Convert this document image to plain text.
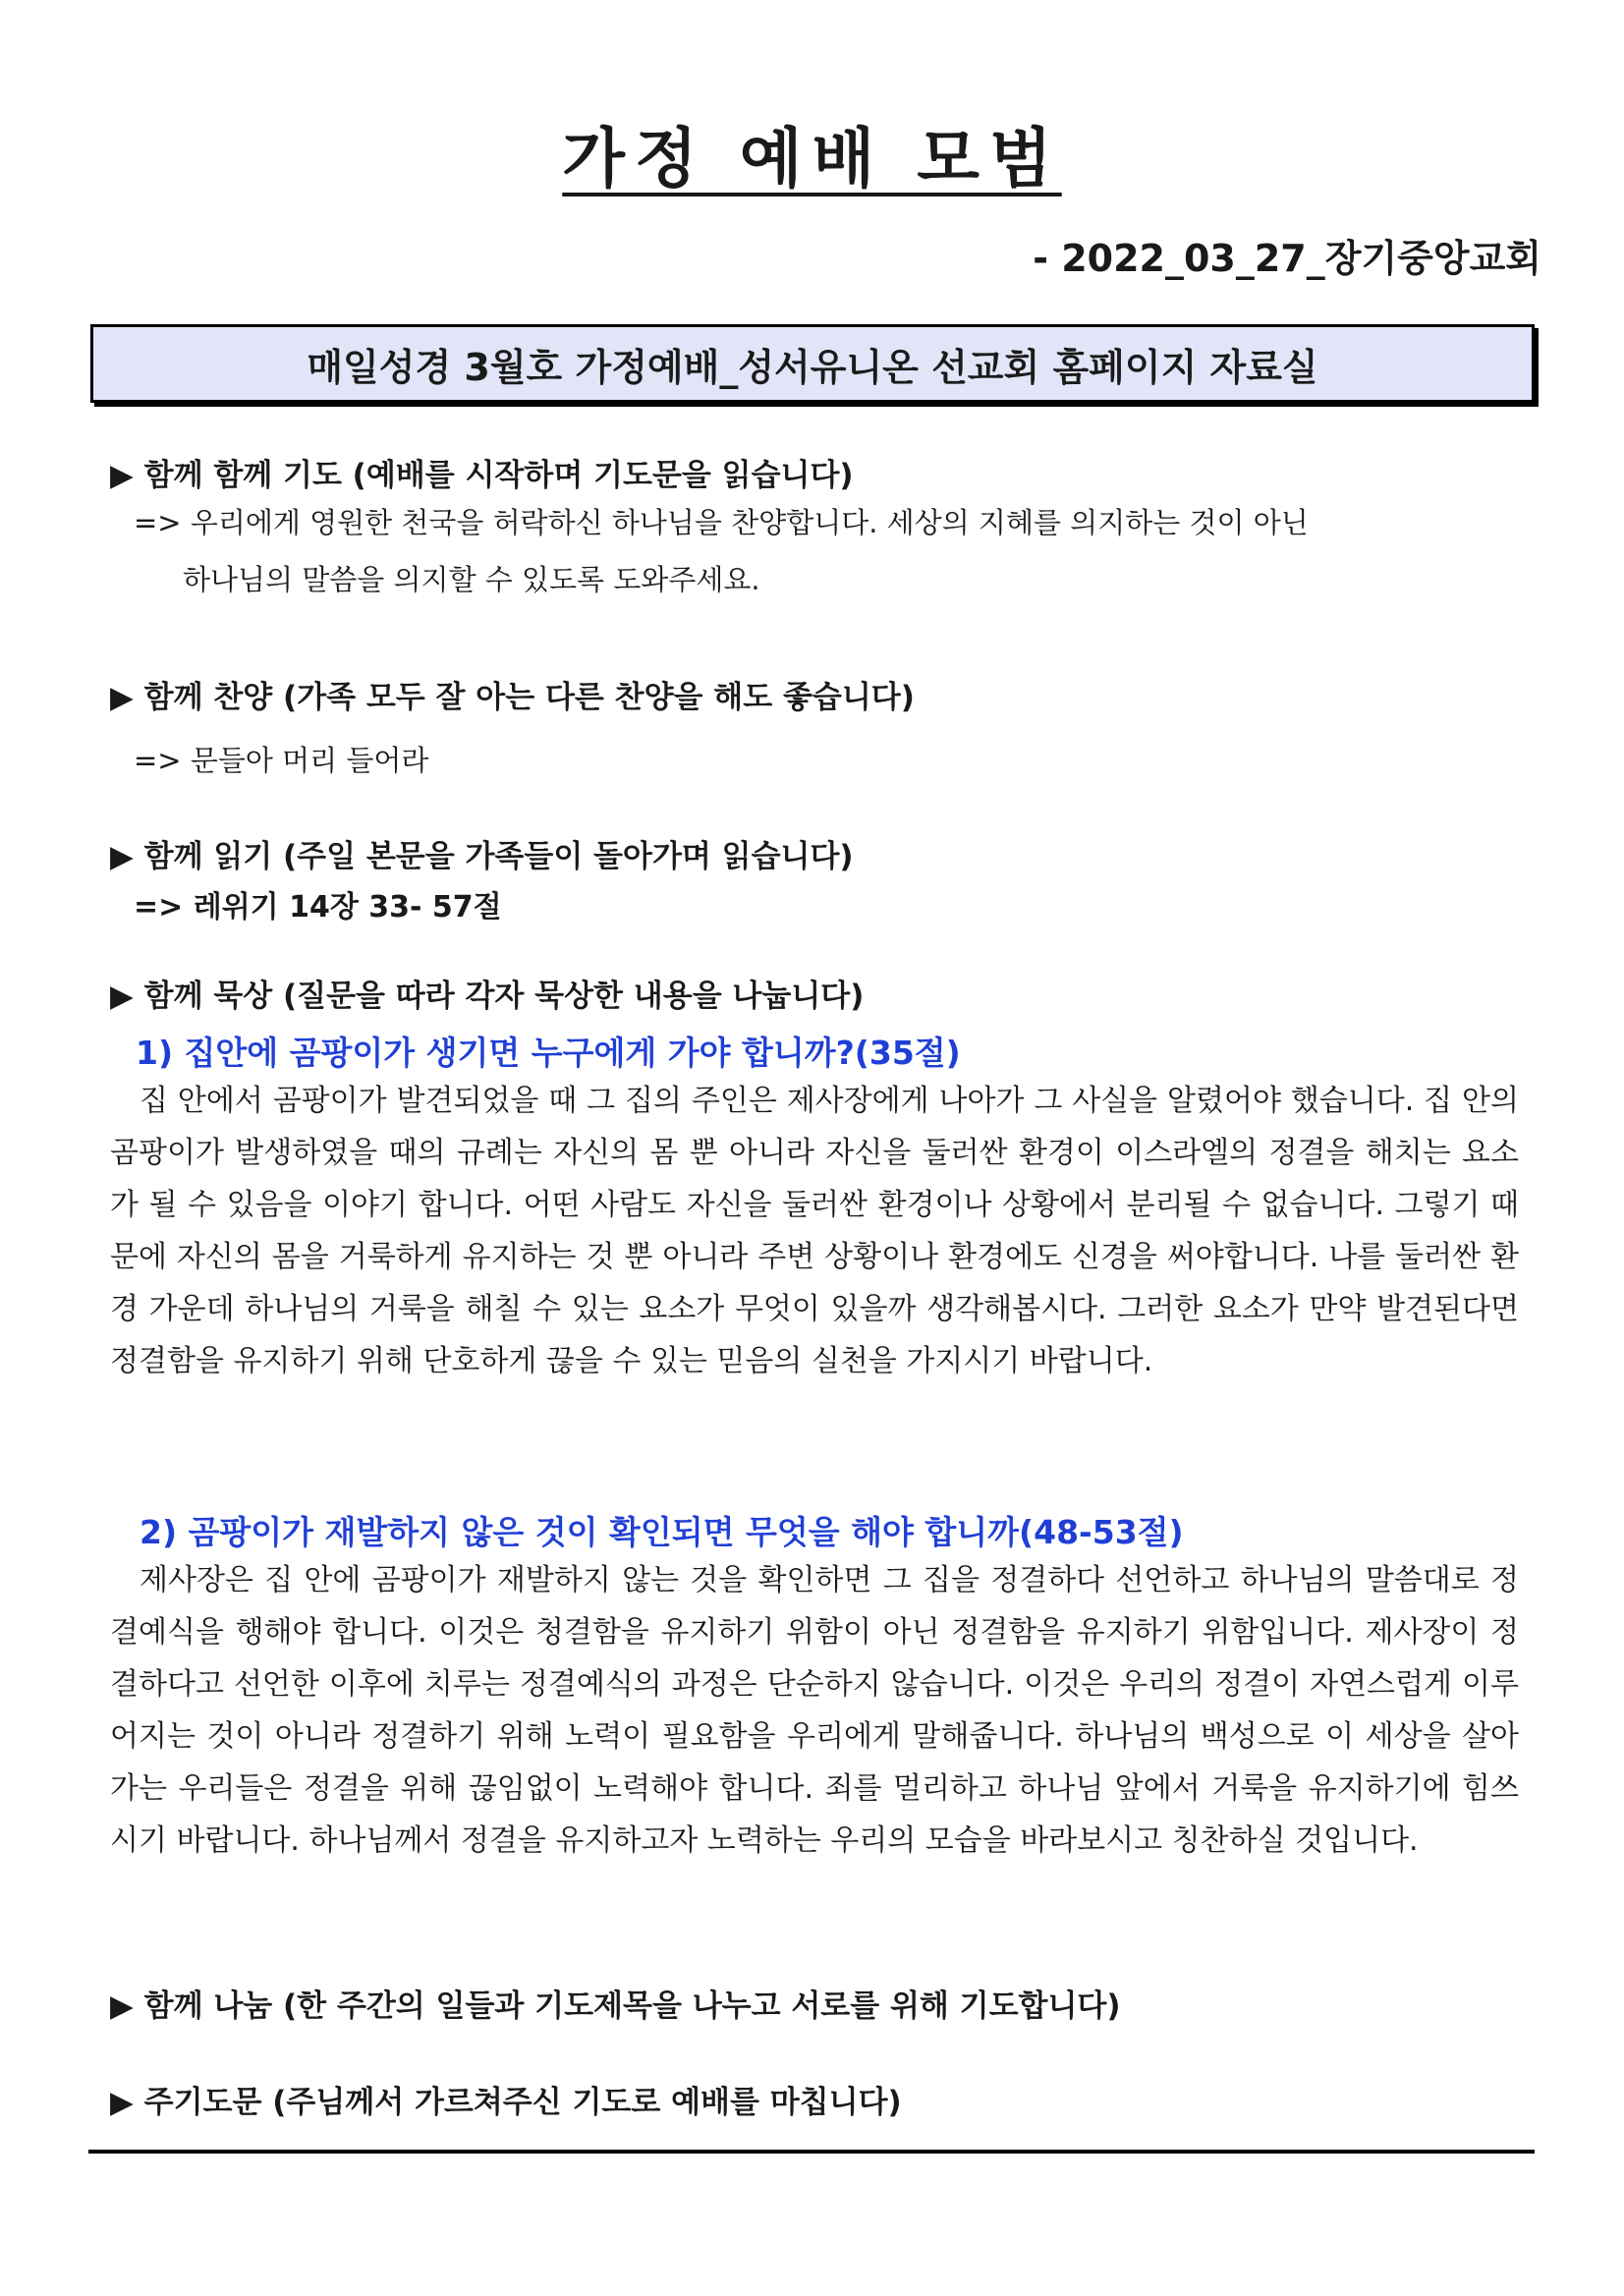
가정 예배 모범
- 2022_03_27_장기중앙교회
매일성경 3월호 가정예배_성서유니온 선교회 홈페이지 자료실
▶ 함께 함께 기도 (예배를 시작하며 기도문을 읽습니다)
=> 우리에게 영원한 천국을 허락하신 하나님을 찬양합니다. 세상의 지혜를 의지하는 것이 아닌
하나님의 말씀을 의지할 수 있도록 도와주세요.
▶ 함께 찬양 (가족 모두 잘 아는 다른 찬양을 해도 좋습니다)
=> 문들아 머리 들어라
▶ 함께 읽기 (주일 본문을 가족들이 돌아가며 읽습니다)
=> 레위기 14장 33- 57절
▶ 함께 묵상 (질문을 따라 각자 묵상한 내용을 나눕니다)
1) 집안에 곰팡이가 생기면 누구에게 가야 합니까?(35절)
집 안에서 곰팡이가 발견되었을 때 그 집의 주인은 제사장에게 나아가 그 사실을 알렸어야 했습니다. 집 안의 곰팡이가 발생하였을 때의 규례는 자신의 몸 뿐 아니라 자신을 둘러싼 환경이 이스라엘의 정결을 해치는 요소가 될 수 있음을 이야기 합니다. 어떤 사람도 자신을 둘러싼 환경이나 상황에서 분리될 수 없습니다. 그렇기 때문에 자신의 몸을 거룩하게 유지하는 것 뿐 아니라 주변 상황이나 환경에도 신경을 써야합니다. 나를 둘러싼 환경 가운데 하나님의 거룩을 해칠 수 있는 요소가 무엇이 있을까 생각해봅시다. 그러한 요소가 만약 발견된다면 정결함을 유지하기 위해 단호하게 끊을 수 있는 믿음의 실천을 가지시기 바랍니다.
2) 곰팡이가 재발하지 않은 것이 확인되면 무엇을 해야 합니까(48-53절)
제사장은 집 안에 곰팡이가 재발하지 않는 것을 확인하면 그 집을 정결하다 선언하고 하나님의 말씀대로 정결예식을 행해야 합니다. 이것은 청결함을 유지하기 위함이 아닌 정결함을 유지하기 위함입니다. 제사장이 정결하다고 선언한 이후에 치루는 정결예식의 과정은 단순하지 않습니다. 이것은 우리의 정결이 자연스럽게 이루어지는 것이 아니라 정결하기 위해 노력이 필요함을 우리에게 말해줍니다. 하나님의 백성으로 이 세상을 살아가는 우리들은 정결을 위해 끊임없이 노력해야 합니다. 죄를 멀리하고 하나님 앞에서 거룩을 유지하기에 힘쓰시기 바랍니다. 하나님께서 정결을 유지하고자 노력하는 우리의 모습을 바라보시고 칭찬하실 것입니다.
▶ 함께 나눔 (한 주간의 일들과 기도제목을 나누고 서로를 위해 기도합니다)
▶ 주기도문 (주님께서 가르쳐주신 기도로 예배를 마칩니다)
